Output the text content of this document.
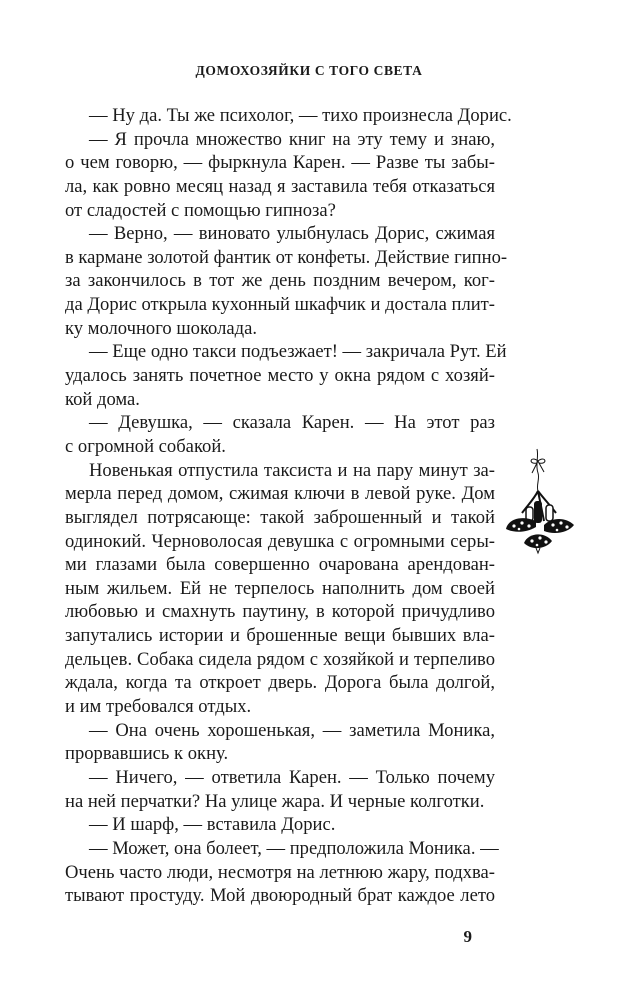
ДОМОХОЗЯЙКИ С ТОГО СВЕТА
— Ну да. Ты же психолог, — тихо произнесла Дорис.
— Я прочла множество книг на эту тему и знаю,
о чем говорю, — фыркнула Карен. — Разве ты забы-
ла, как ровно месяц назад я заставила тебя отказаться
от сладостей с помощью гипноза?
— Верно, — виновато улыбнулась Дорис, сжимая
в кармане золотой фантик от конфеты. Действие гипно-
за закончилось в тот же день поздним вечером, ког-
да Дорис открыла кухонный шкафчик и достала плит-
ку молочного шоколада.
— Еще одно такси подъезжает! — закричала Рут. Ей
удалось занять почетное место у окна рядом с хозяй-
кой дома.
— Девушка, — сказала Карен. — На этот раз
с огромной собакой.
Новенькая отпустила таксиста и на пару минут за-
мерла перед домом, сжимая ключи в левой руке. Дом
выглядел потрясающе: такой заброшенный и такой
одинокий. Черноволосая девушка с огромными серы-
ми глазами была совершенно очарована арендован-
ным жильем. Ей не терпелось наполнить дом своей
любовью и смахнуть паутину, в которой причудливо
запутались истории и брошенные вещи бывших вла-
дельцев. Собака сидела рядом с хозяйкой и терпеливо
ждала, когда та откроет дверь. Дорога была долгой,
и им требовался отдых.
— Она очень хорошенькая, — заметила Моника,
прорвавшись к окну.
— Ничего, — ответила Карен. — Только почему
на ней перчатки? На улице жара. И черные колготки.
— И шарф, — вставила Дорис.
— Может, она болеет, — предположила Моника. —
Очень часто люди, несмотря на летнюю жару, подхва-
тывают простуду. Мой двоюродный брат каждое лето
9
